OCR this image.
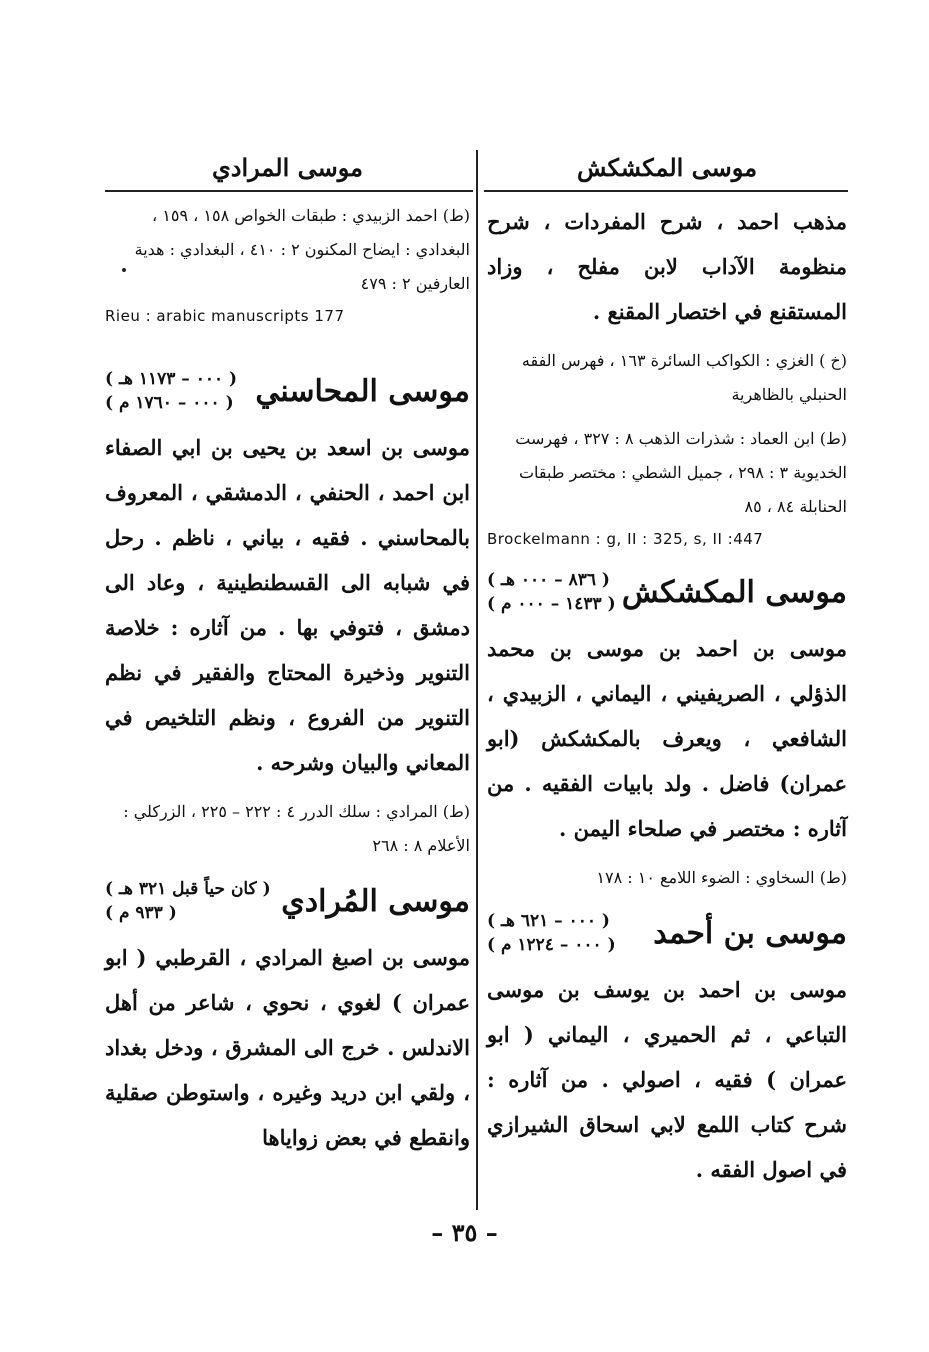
موسى المكشكش
مذهب احمد ، شرح المفردات ، شرح منظومة الآداب لابن مفلح ، وزاد المستقنع في اختصار المقنع .
(خ ) الغزي : الكواكب السائرة ١٦٣ ، فهرس الفقه الحنبلي بالظاهرية
(ط) ابن العماد : شذرات الذهب ٨ : ٣٢٧ ، فهرست الخديوية ٣ : ٢٩٨ ، جميل الشطي : مختصر طبقات الحنابلة ٨٤ ، ٨٥
Brockelmann : g, II : 325, s, II :447
موسى المكشكش
( ٨٣٦ – ٠٠٠ هـ )
( ١٤٣٣ – ٠٠٠ م )
موسى بن احمد بن موسى بن محمد الذؤلي ، الصريفيني ، اليماني ، الزبيدي ، الشافعي ، ويعرف بالمكشكش (ابو عمران) فاضل . ولد بابيات الفقيه . من آثاره : مختصر في صلحاء اليمن .
(ط) السخاوي : الضوء اللامع ١٠ : ١٧٨
موسى بن أحمد
( ٠٠٠ – ٦٢١ هـ )
( ٠٠٠ – ١٢٢٤ م )
موسى بن احمد بن يوسف بن موسى التباعي ، ثم الحميري ، اليماني ( ابو عمران ) فقيه ، اصولي . من آثاره : شرح كتاب اللمع لابي اسحاق الشيرازي في اصول الفقه .
موسى المرادي
(ط) احمد الزبيدي : طبقات الخواص ١٥٨ ، ١٥٩ ، البغدادي : ايضاح المكنون ٢ : ٤١٠ ، البغدادي : هدية العارفين ٢ : ٤٧٩
Rieu : arabic manuscripts 177
موسى المحاسني
( ٠٠٠ – ١١٧٣ هـ )
( ٠٠٠ – ١٧٦٠ م )
موسى بن اسعد بن يحيى بن ابي الصفاء ابن احمد ، الحنفي ، الدمشقي ، المعروف بالمحاسني . فقيه ، بياني ، ناظم . رحل في شبابه الى القسطنطينية ، وعاد الى دمشق ، فتوفي بها . من آثاره : خلاصة التنوير وذخيرة المحتاج والفقير في نظم التنوير من الفروع ، ونظم التلخيص في المعاني والبيان وشرحه .
(ط) المرادي : سلك الدرر ٤ : ٢٢٢ – ٢٢٥ ، الزركلي : الأعلام ٨ : ٢٦٨
موسى المُرادي
( كان حياً قبل ٣٢١ هـ )
( ٩٣٣ م )
موسى بن اصبغ المرادي ، القرطبي ( ابو عمران ) لغوي ، نحوي ، شاعر من أهل الاندلس . خرج الى المشرق ، ودخل بغداد ، ولقي ابن دريد وغيره ، واستوطن صقلية وانقطع في بعض زواياها
– ٣٥ –
